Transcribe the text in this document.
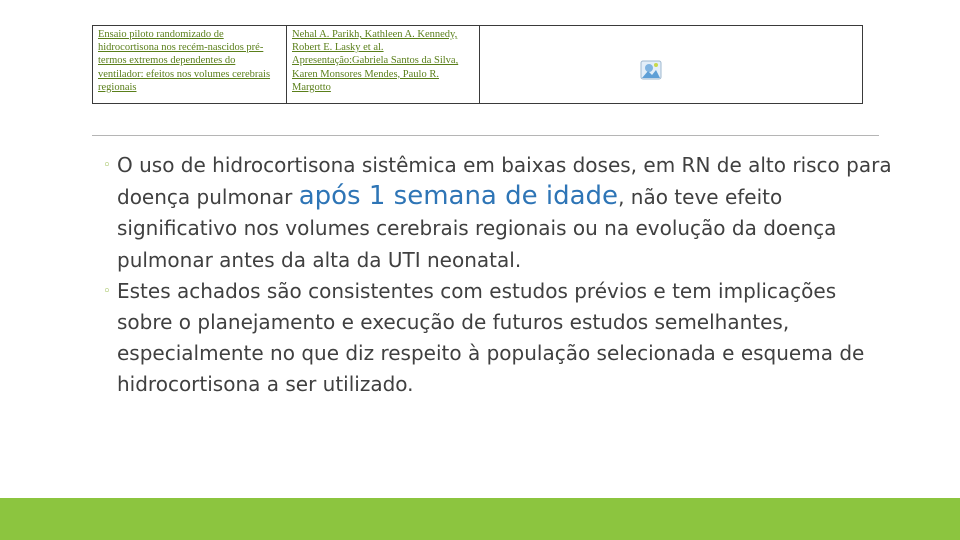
Ensaio piloto randomizado de hidrocortisona nos recém-nascidos pré-termos extremos dependentes do ventilador: efeitos nos volumes cerebrais regionais
Nehal A. Parikh, Kathleen A. Kennedy, Robert E. Lasky et al. Apresentação:Gabriela Santos da Silva, Karen Monsores Mendes, Paulo R. Margotto

◦ O uso de hidrocortisona sistêmica em baixas doses, em RN de alto risco para doença pulmonar após 1 semana de idade, não teve efeito significativo nos volumes cerebrais regionais ou na evolução da doença pulmonar antes da alta da UTI neonatal.

◦ Estes achados são consistentes com estudos prévios e tem implicações sobre o planejamento e execução de futuros estudos semelhantes, especialmente no que diz respeito à população selecionada e esquema de hidrocortisona a ser utilizado.
